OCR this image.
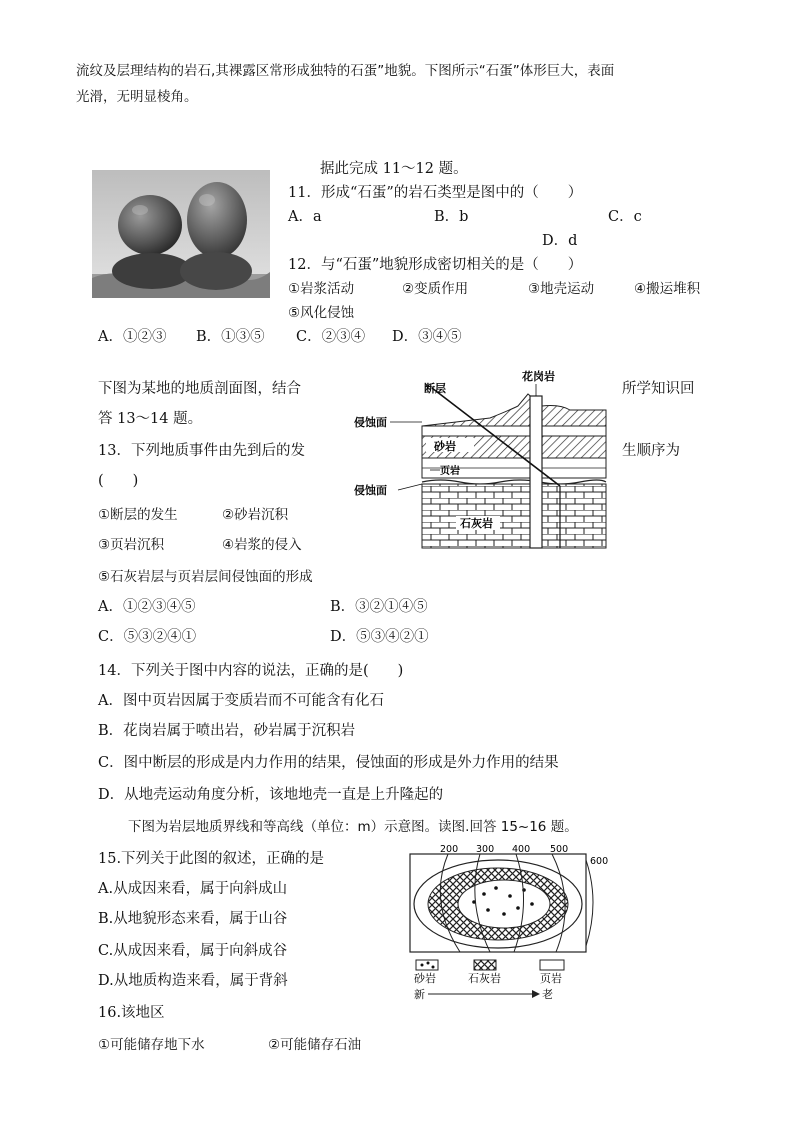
流纹及层理结构的岩石,其裸露区常形成独特的石蛋”地貌。下图所示“石蛋”体形巨大，表面
光滑，无明显棱角。
据此完成 11～12 题。
11．形成“石蛋”的岩石类型是图中的（　　）
A．a	B．b	C．c
D．d
12．与“石蛋”地貌形成密切相关的是（　　）
①岩浆活动	②变质作用	③地壳运动	④搬运堆积
⑤风化侵蚀
A．①②③ B．①③⑤ C．②③④ D．③④⑤
下图为某地的地质剖面图，结合	所学知识回
答 13～14 题。
13．下列地质事件由先到后的发	生顺序为
(　　)
①断层的发生	②砂岩沉积
③页岩沉积	④岩浆的侵入
⑤石灰岩层与页岩层间侵蚀面的形成
A．①②③④⑤	B．③②①④⑤
C．⑤③②④①	D．⑤③④②①
14．下列关于图中内容的说法，正确的是(　　)
A．图中页岩因属于变质岩而不可能含有化石
B．花岗岩属于喷出岩，砂岩属于沉积岩
C．图中断层的形成是内力作用的结果，侵蚀面的形成是外力作用的结果
D．从地壳运动角度分析，该地地壳一直是上升隆起的
花岗岩
断层
侵蚀面
砂岩
页岩
侵蚀面
石灰岩
下图为岩层地质界线和等高线（单位：m）示意图。读图.回答 15~16 题。
15.下列关于此图的叙述，正确的是
A.从成因来看，属于向斜成山
B.从地貌形态来看，属于山谷
C.从成因来看，属于向斜成谷
D.从地质构造来看，属于背斜
16.该地区
①可能储存地下水	②可能储存石油
200 300 400 500
600
砂岩	石灰岩	页岩
新	老
